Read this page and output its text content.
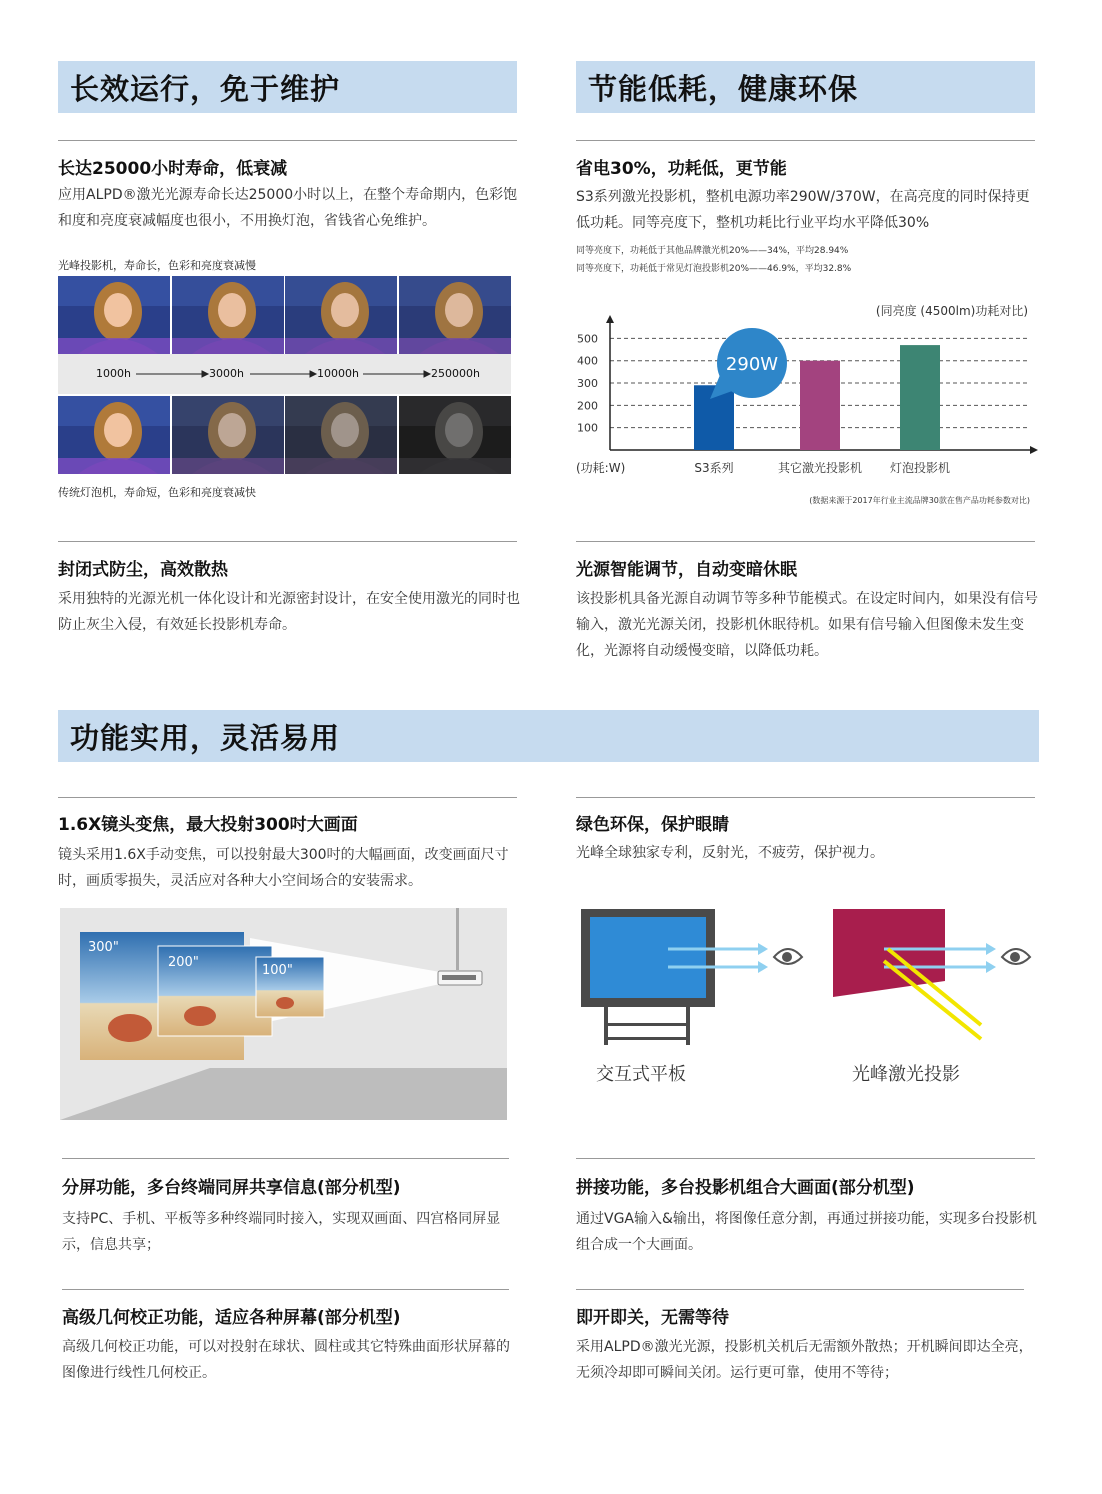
长效运行，免于维护	节能低耗，健康环保
功能实用，灵活易用
长达25000小时寿命，低衰减
应用ALPD®激光光源寿命长达25000小时以上，在整个寿命期内，色彩饱和度和亮度衰减幅度也很小，不用换灯泡，省钱省心免维护。
光峰投影机，寿命长，色彩和亮度衰减慢
1000h	3000h	10000h	250000h
传统灯泡机，寿命短，色彩和亮度衰减快
省电30%，功耗低，更节能
S3系列激光投影机，整机电源功率290W/370W，在高亮度的同时保持更低功耗。同等亮度下，整机功耗比行业平均水平降低30%
同等亮度下，功耗低于其他品牌激光机20%——34%，平均28.94%
同等亮度下，功耗低于常见灯泡投影机20%——46.9%，平均32.8%
(同亮度 (4500lm)功耗对比)
100
200
300
400
500
S3系列	其它激光投影机 灯泡投影机
(功耗:W)
290W
(数据来源于2017年行业主流品牌30款在售产品功耗参数对比)
封闭式防尘，高效散热
采用独特的光源光机一体化设计和光源密封设计，在安全使用激光的同时也防止灰尘入侵，有效延长投影机寿命。
光源智能调节，自动变暗休眠
该投影机具备光源自动调节等多种节能模式。在设定时间内，如果没有信号输入，激光光源关闭，投影机休眠待机。如果有信号输入但图像未发生变化，光源将自动缓慢变暗，以降低功耗。
1.6X镜头变焦，最大投射300吋大画面
镜头采用1.6X手动变焦，可以投射最大300吋的大幅画面，改变画面尺寸时，画质零损失，灵活应对各种大小空间场合的安装需求。
300"
200"
100"
绿色环保，保护眼睛
光峰全球独家专利，反射光，不疲劳，保护视力。
交互式平板	光峰激光投影
分屏功能，多台终端同屏共享信息(部分机型)
支持PC、手机、平板等多种终端同时接入，实现双画面、四宫格同屏显示，信息共享；
拼接功能，多台投影机组合大画面(部分机型)
通过VGA输入&输出，将图像任意分割，再通过拼接功能，实现多台投影机组合成一个大画面。
高级几何校正功能，适应各种屏幕(部分机型)
高级几何校正功能，可以对投射在球状、圆柱或其它特殊曲面形状屏幕的图像进行线性几何校正。
即开即关，无需等待
采用ALPD®激光光源，投影机关机后无需额外散热；开机瞬间即达全亮，无须冷却即可瞬间关闭。运行更可靠，使用不等待；
